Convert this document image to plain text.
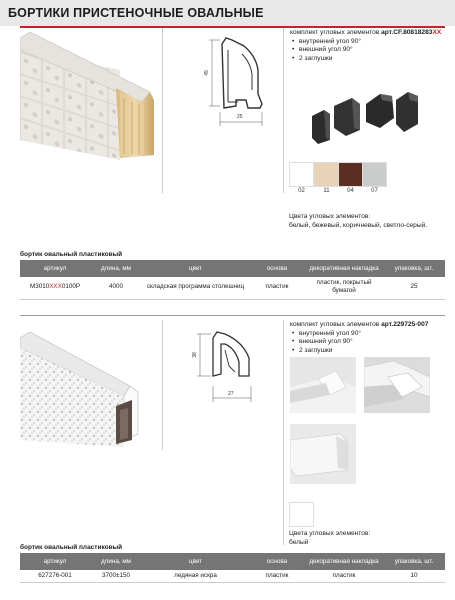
БОРТИКИ ПРИСТЕНОЧНЫЕ ОВАЛЬНЫЕ
45
25
комплект угловых элементов арт.CF.80818283XX
• внутренний угол 90°
• внешний угол 90°
• 2 заглушки
02	11	04	07
Цвета угловых элементов:
белый, бежевый, коричневый, светло-серый.
бортик овальный пластиковый
артикул	длина, мм	цвет	основа	декоративная накладка	упаковка, шт.
M3010XXX0100P	4000	складская программа столешниц	пластик	пластик, покрытый бумагой	25
38
27
комплект угловых элементов арт.229725-007
• внутренний угол 90°
• внешний угол 90°
• 2 заглушки
Цвета угловых элементов:
белый
бортик овальный пластиковый
артикул	длина, мм	цвет	основа	декоративная накладка	упаковка, шт.
627276-001	3700±150	ледяная искра	пластик	пластик	10
